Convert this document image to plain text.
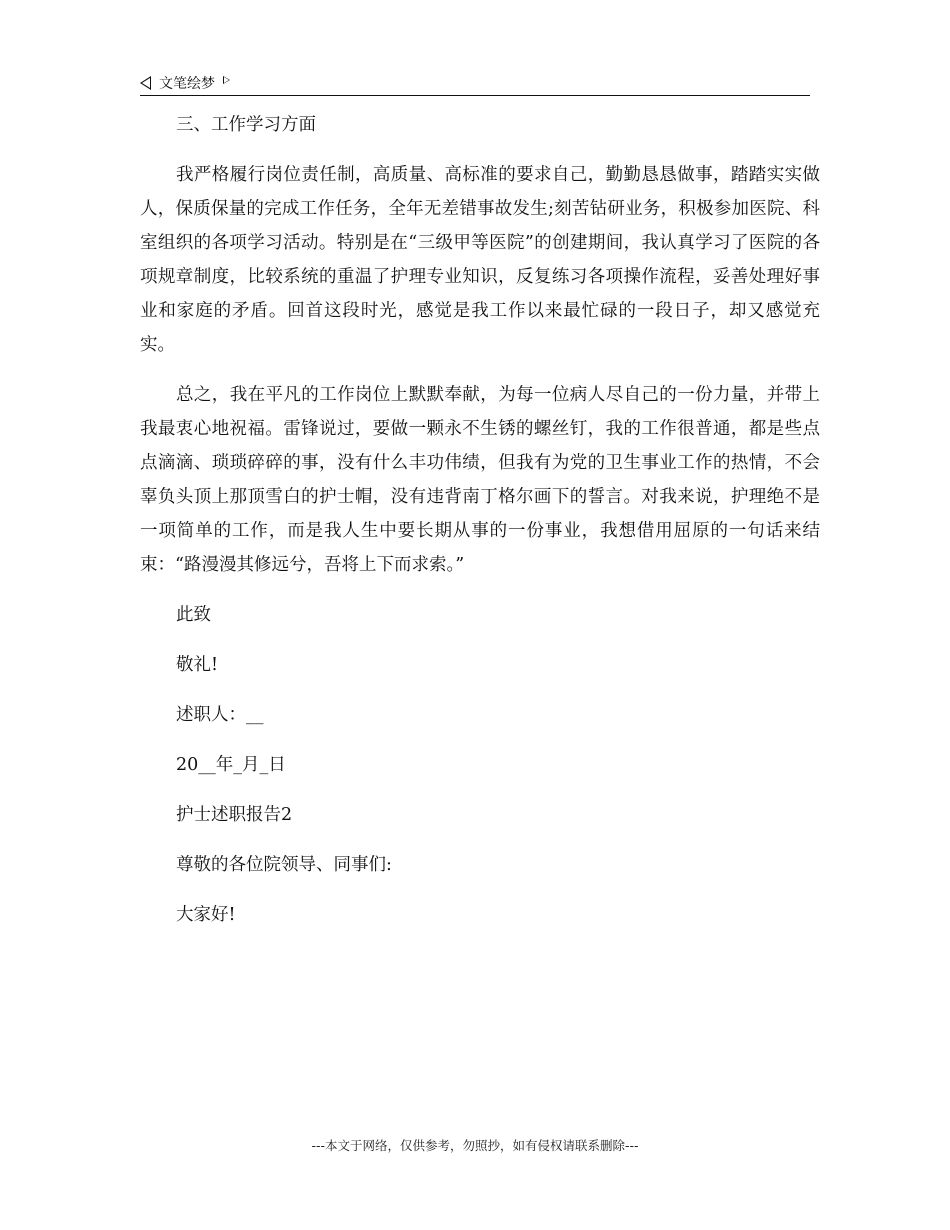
文笔绘梦

三、工作学习方面

我严格履行岗位责任制，高质量、高标准的要求自己，勤勤恳恳做事，踏踏实实做人，保质保量的完成工作任务，全年无差错事故发生;刻苦钻研业务，积极参加医院、科室组织的各项学习活动。特别是在“三级甲等医院”的创建期间，我认真学习了医院的各项规章制度，比较系统的重温了护理专业知识，反复练习各项操作流程，妥善处理好事业和家庭的矛盾。回首这段时光，感觉是我工作以来最忙碌的一段日子，却又感觉充实。

总之，我在平凡的工作岗位上默默奉献，为每一位病人尽自己的一份力量，并带上我最衷心地祝福。雷锋说过，要做一颗永不生锈的螺丝钉，我的工作很普通，都是些点点滴滴、琐琐碎碎的事，没有什么丰功伟绩，但我有为党的卫生事业工作的热情，不会辜负头顶上那顶雪白的护士帽，没有违背南丁格尔画下的誓言。对我来说，护理绝不是一项简单的工作，而是我人生中要长期从事的一份事业，我想借用屈原的一句话来结束：“路漫漫其修远兮，吾将上下而求索。”

此致

敬礼!

述职人：__

20__年_月_日

护士述职报告2

尊敬的各位院领导、同事们:

大家好!

---本文于网络，仅供参考，勿照抄，如有侵权请联系删除---
